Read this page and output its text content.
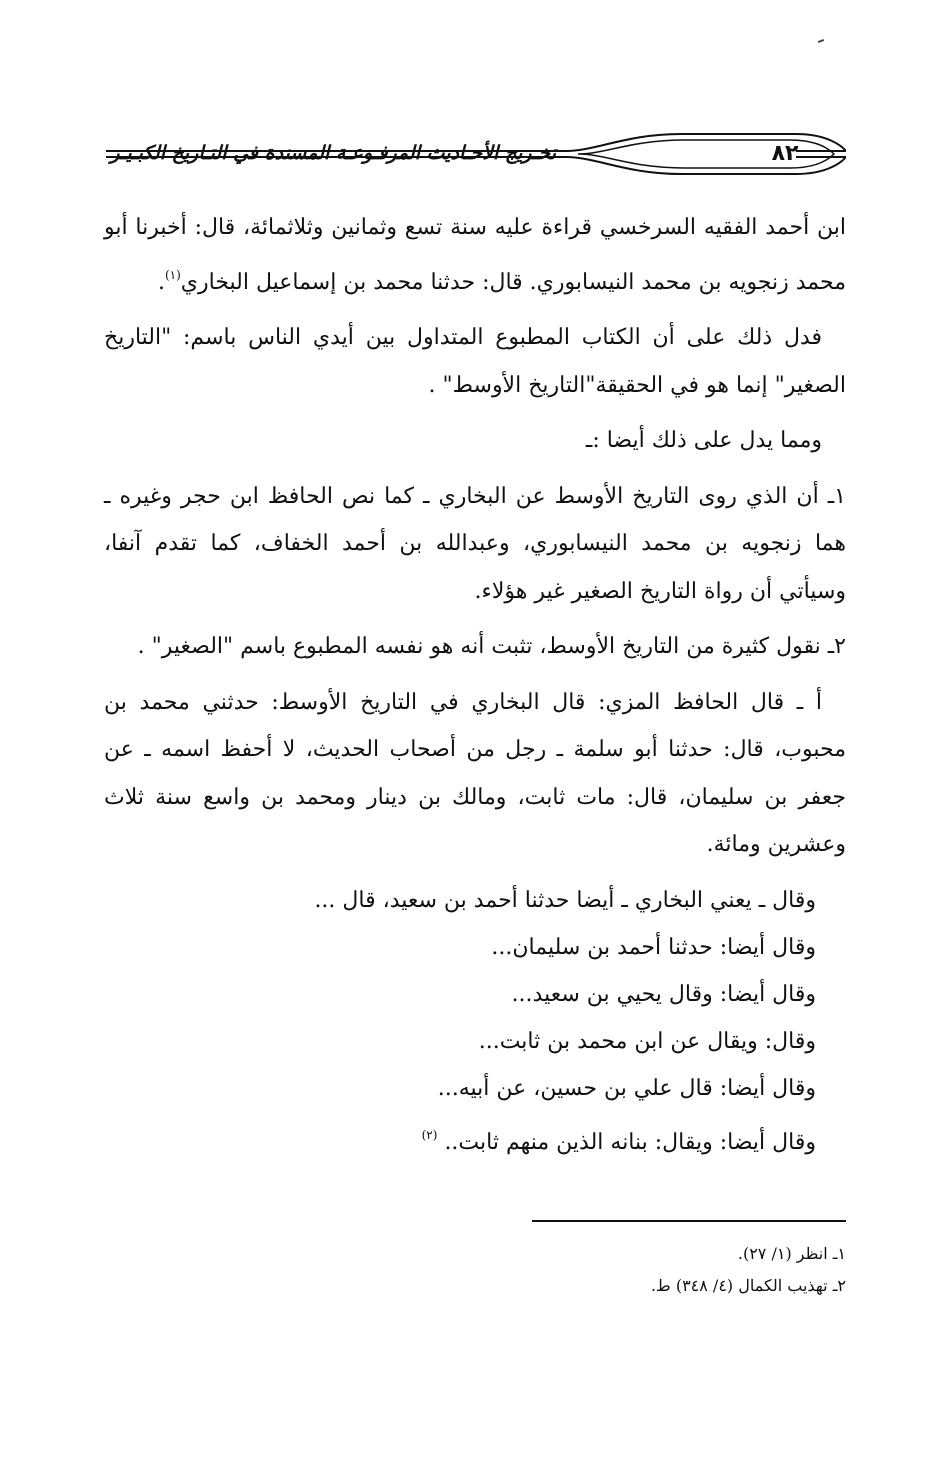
٨٢
تخـريج الأحـاديث المرفـوعـة المسندة في التـاريخ الكبـيـر

ابن أحمد الفقيه السرخسي قراءة عليه سنة تسع وثمانين وثلاثمائة، قال: أخبرنا أبو محمد زنجويه بن محمد النيسابوري. قال: حدثنا محمد بن إسماعيل البخاري$^{(١)}$.

فدل ذلك على أن الكتاب المطبوع المتداول بين أيدي الناس باسم: "التاريخ الصغير" إنما هو في الحقيقة"التاريخ الأوسط" .

ومما يدل على ذلك أيضا :ـ

١ـ أن الذي روى التاريخ الأوسط عن البخاري ـ كما نص الحافظ ابن حجر وغيره ـ هما زنجويه بن محمد النيسابوري، وعبدالله بن أحمد الخفاف، كما تقدم آنفا، وسيأتي أن رواة التاريخ الصغير غير هؤلاء.

٢ـ نقول كثيرة من التاريخ الأوسط، تثبت أنه هو نفسه المطبوع باسم "الصغير" .

أ ـ قال الحافظ المزي: قال البخاري في التاريخ الأوسط: حدثني محمد بن محبوب، قال: حدثنا أبو سلمة ـ رجل من أصحاب الحديث، لا أحفظ اسمه ـ عن جعفر بن سليمان، قال: مات ثابت، ومالك بن دينار ومحمد بن واسع سنة ثلاث وعشرين ومائة.

وقال ـ يعني البخاري ـ أيضا حدثنا أحمد بن سعيد، قال ...
وقال أيضا: حدثنا أحمد بن سليمان...
وقال أيضا: وقال يحيي بن سعيد...
وقال: ويقال عن ابن محمد بن ثابت...
وقال أيضا: قال علي بن حسين، عن أبيه...
وقال أيضا: ويقال: بنانه الذين منهم ثابت.. $^{(٢)}$
١ـ انظر (١/ ٢٧).
٢ـ تهذيب الكمال (٤/ ٣٤٨) ط.
